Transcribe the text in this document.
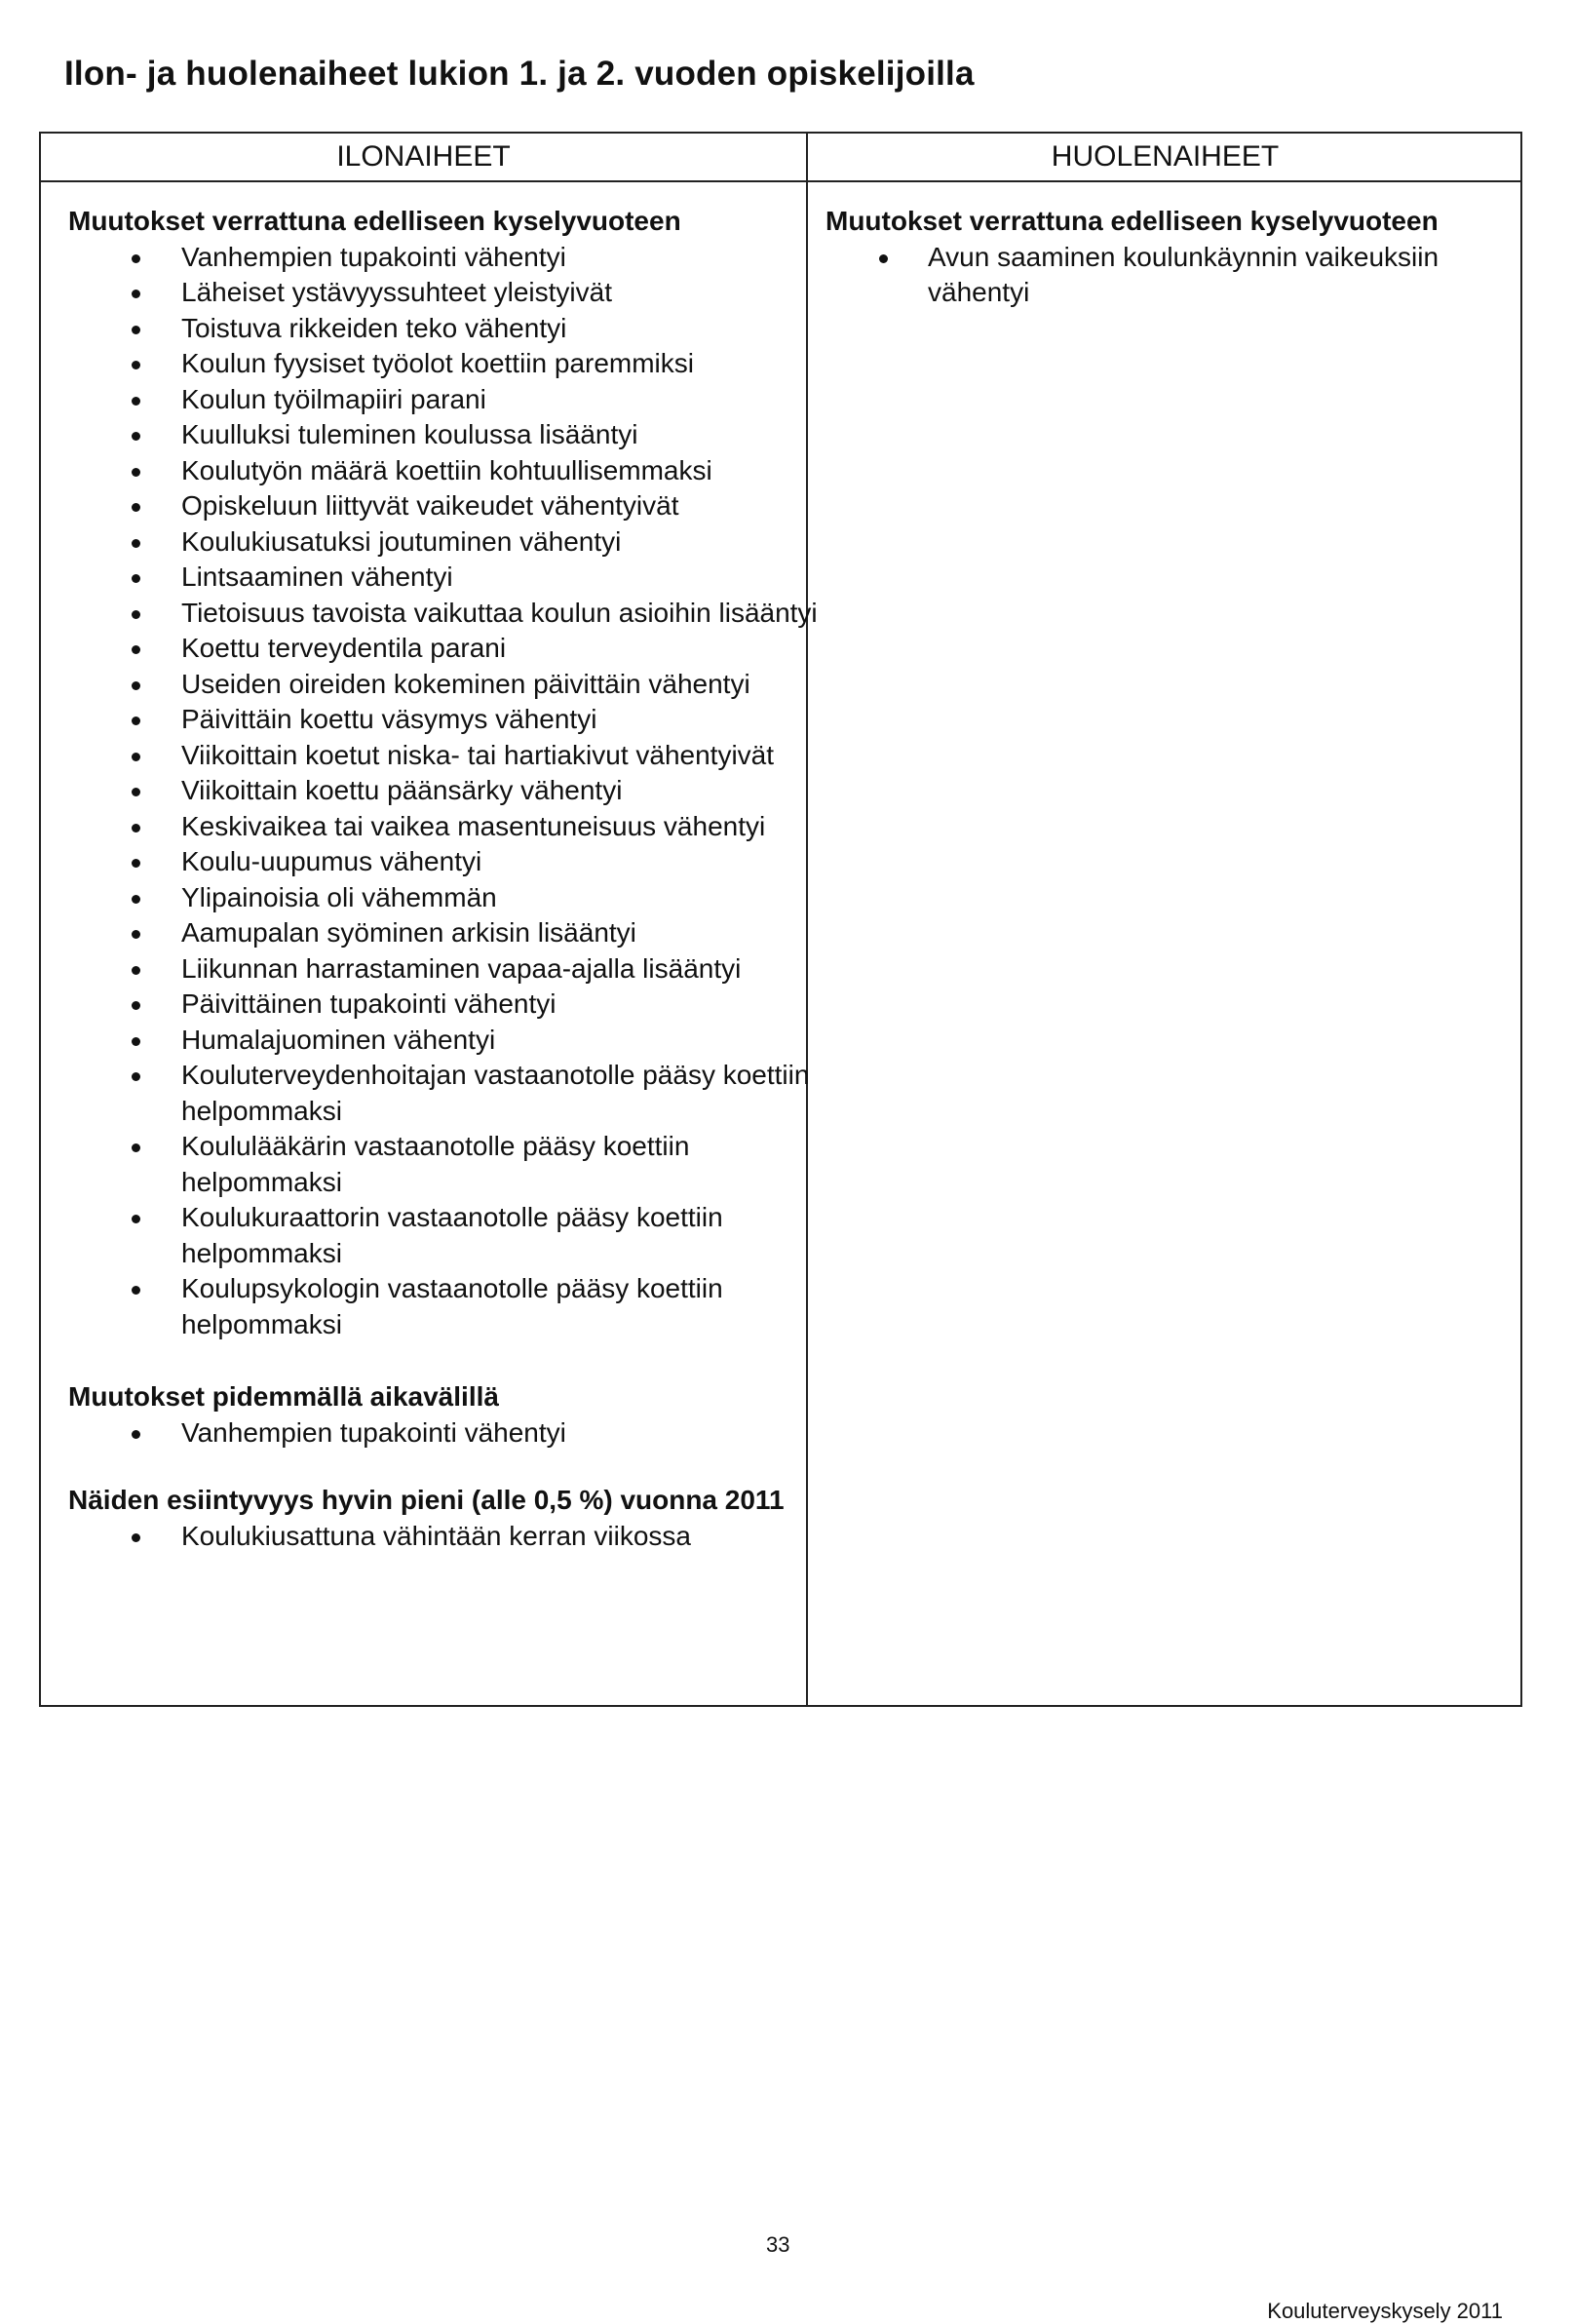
Ilon- ja huolenaiheet lukion 1. ja 2. vuoden opiskelijoilla
ILONAIHEET	HUOLENAIHEET
Muutokset verrattuna edelliseen kyselyvuoteen
Vanhempien tupakointi vähentyi
Läheiset ystävyyssuhteet yleistyivät
Toistuva rikkeiden teko vähentyi
Koulun fyysiset työolot koettiin paremmiksi
Koulun työilmapiiri parani
Kuulluksi tuleminen koulussa lisääntyi
Koulutyön määrä koettiin kohtuullisemmaksi
Opiskeluun liittyvät vaikeudet vähentyivät
Koulukiusatuksi joutuminen vähentyi
Lintsaaminen vähentyi
Tietoisuus tavoista vaikuttaa koulun asioihin lisääntyi
Koettu terveydentila parani
Useiden oireiden kokeminen päivittäin vähentyi
Päivittäin koettu väsymys vähentyi
Viikoittain koetut niska- tai hartiakivut vähentyivät
Viikoittain koettu päänsärky vähentyi
Keskivaikea tai vaikea masentuneisuus vähentyi
Koulu-uupumus vähentyi
Ylipainoisia oli vähemmän
Aamupalan syöminen arkisin lisääntyi
Liikunnan harrastaminen vapaa-ajalla lisääntyi
Päivittäinen tupakointi vähentyi
Humalajuominen vähentyi
Kouluterveydenhoitajan vastaanotolle pääsy koettiin helpommaksi
Koululääkärin vastaanotolle pääsy koettiin helpommaksi
Koulukuraattorin vastaanotolle pääsy koettiin helpommaksi
Koulupsykologin vastaanotolle pääsy koettiin helpommaksi
Muutokset pidemmällä aikavälillä
Vanhempien tupakointi vähentyi
Näiden esiintyvyys hyvin pieni (alle 0,5 %) vuonna 2011
Koulukiusattuna vähintään kerran viikossa
Muutokset verrattuna edelliseen kyselyvuoteen
Avun saaminen koulunkäynnin vaikeuksiin vähentyi
33
Kouluterveyskysely 2011
